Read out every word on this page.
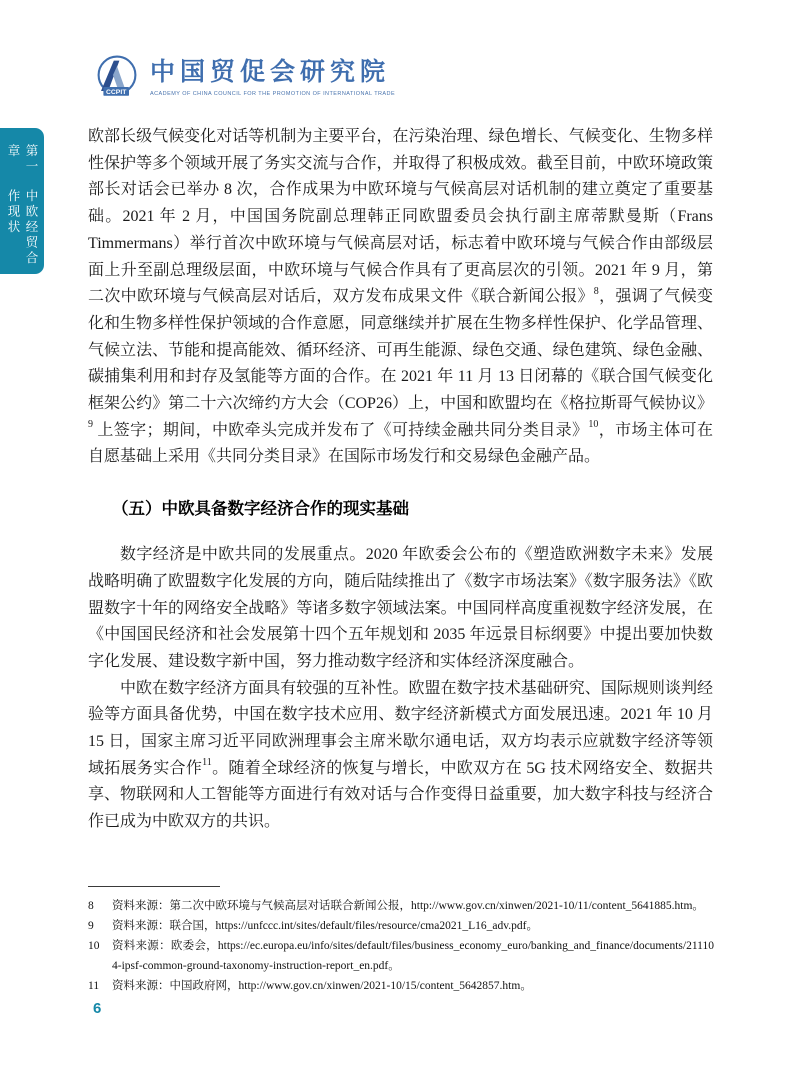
CCPIT
中国贸促会研究院
ACADEMY OF CHINA COUNCIL FOR THE PROMOTION OF INTERNATIONAL TRADE
第一章
中欧经贸合作现状

欧部长级气候变化对话等机制为主要平台，在污染治理、绿色增长、气候变化、生物多样性保护等多个领域开展了务实交流与合作，并取得了积极成效。截至目前，中欧环境政策部长对话会已举办 8 次，合作成果为中欧环境与气候高层对话机制的建立奠定了重要基础。2021 年 2 月，中国国务院副总理韩正同欧盟委员会执行副主席蒂默曼斯（Frans Timmermans）举行首次中欧环境与气候高层对话，标志着中欧环境与气候合作由部级层面上升至副总理级层面，中欧环境与气候合作具有了更高层次的引领。2021 年 9 月，第二次中欧环境与气候高层对话后，双方发布成果文件《联合新闻公报》$^8$，强调了气候变化和生物多样性保护领域的合作意愿，同意继续并扩展在生物多样性保护、化学品管理、气候立法、节能和提高能效、循环经济、可再生能源、绿色交通、绿色建筑、绿色金融、碳捕集利用和封存及氢能等方面的合作。在 2021 年 11 月 13 日闭幕的《联合国气候变化框架公约》第二十六次缔约方大会（COP26）上，中国和欧盟均在《格拉斯哥气候协议》$^9$ 上签字；期间，中欧牵头完成并发布了《可持续金融共同分类目录》$^{10}$，市场主体可在自愿基础上采用《共同分类目录》在国际市场发行和交易绿色金融产品。

（五）中欧具备数字经济合作的现实基础

数字经济是中欧共同的发展重点。2020 年欧委会公布的《塑造欧洲数字未来》发展战略明确了欧盟数字化发展的方向，随后陆续推出了《数字市场法案》《数字服务法》《欧盟数字十年的网络安全战略》等诸多数字领域法案。中国同样高度重视数字经济发展，在《中国国民经济和社会发展第十四个五年规划和 2035 年远景目标纲要》中提出要加快数字化发展、建设数字新中国，努力推动数字经济和实体经济深度融合。

中欧在数字经济方面具有较强的互补性。欧盟在数字技术基础研究、国际规则谈判经验等方面具备优势，中国在数字技术应用、数字经济新模式方面发展迅速。2021 年 10 月 15 日，国家主席习近平同欧洲理事会主席米歇尔通电话，双方均表示应就数字经济等领域拓展务实合作$^{11}$。随着全球经济的恢复与增长，中欧双方在 5G 技术网络安全、数据共享、物联网和人工智能等方面进行有效对话与合作变得日益重要，加大数字科技与经济合作已成为中欧双方的共识。

8	资料来源：第二次中欧环境与气候高层对话联合新闻公报，http://www.gov.cn/xinwen/2021-10/11/content_5641885.htm。
9	资料来源：联合国，https://unfccc.int/sites/default/files/resource/cma2021_L16_adv.pdf。
10	资料来源：欧委会，https://ec.europa.eu/info/sites/default/files/business_economy_euro/banking_and_finance/documents/211104-ipsf-common-ground-taxonomy-instruction-report_en.pdf。
11	资料来源：中国政府网，http://www.gov.cn/xinwen/2021-10/15/content_5642857.htm。
6
